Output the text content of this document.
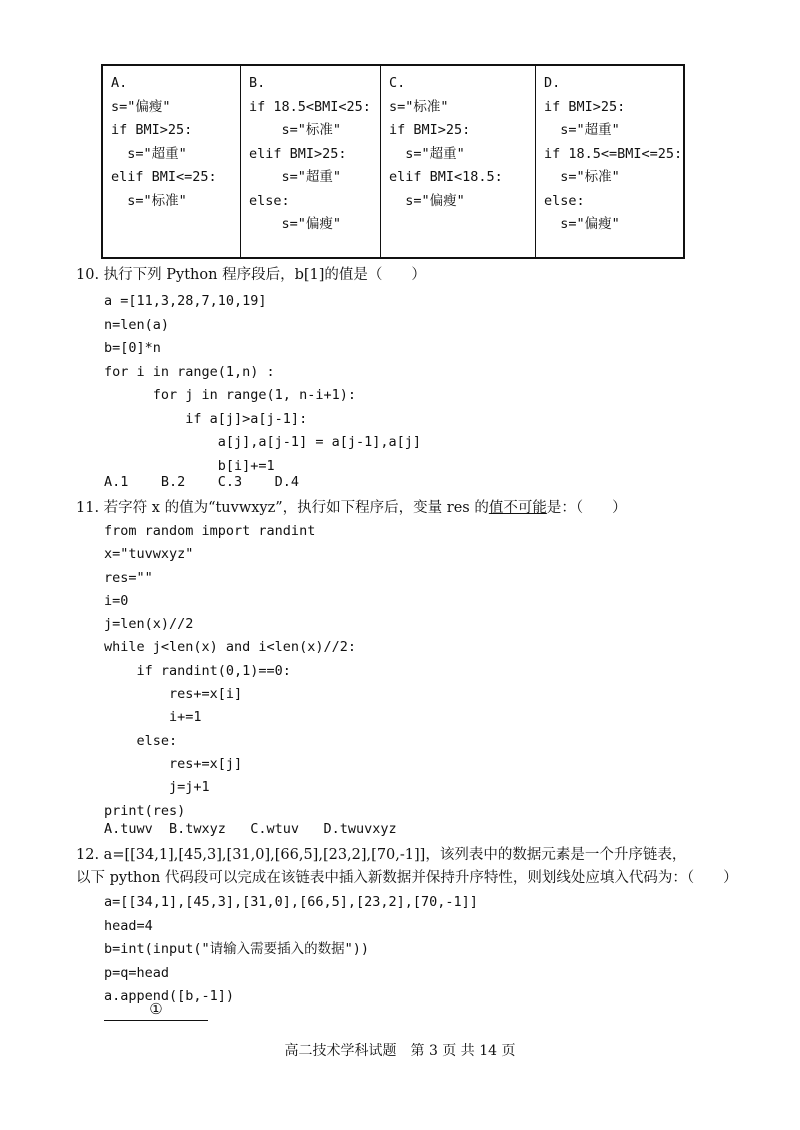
A.
s="偏瘦"
if BMI>25:
s="超重"
elif BMI<=25:
s="标准"
B.
if 18.5<BMI<25:
s="标准"
elif BMI>25:
s="超重"
else:
s="偏瘦"
C.
s="标准"
if BMI>25:
s="超重"
elif BMI<18.5:
s="偏瘦"
D.
if BMI>25:
s="超重"
if 18.5<=BMI<=25:
s="标准"
else:
s="偏瘦"
10. 执行下列 Python 程序段后，b[1]的值是（　　）
a =[11,3,28,7,10,19]
n=len(a)
b=[0]*n
for i in range(1,n) :
for j in range(1, n-i+1):
if a[j]>a[j-1]:
a[j],a[j-1] = a[j-1],a[j]
b[i]+=1
A.1    B.2    C.3    D.4
11. 若字符 x 的值为“tuvwxyz”，执行如下程序后，变量 res 的值不可能是：（　　）
from random import randint
x="tuvwxyz"
res=""
i=0
j=len(x)//2
while j<len(x) and i<len(x)//2:
if randint(0,1)==0:
res+=x[i]
i+=1
else:
res+=x[j]
j=j+1
print(res)
A.tuwv  B.twxyz   C.wtuv   D.twuvxyz
12. a=[[34,1],[45,3],[31,0],[66,5],[23,2],[70,-1]]，该列表中的数据元素是一个升序链表，
以下 python 代码段可以完成在该链表中插入新数据并保持升序特性，则划线处应填入代码为：（　　）
a=[[34,1],[45,3],[31,0],[66,5],[23,2],[70,-1]]
head=4
b=int(input("请输入需要插入的数据"))
p=q=head
a.append([b,-1])
①
高二技术学科试题　第 3 页 共 14 页
